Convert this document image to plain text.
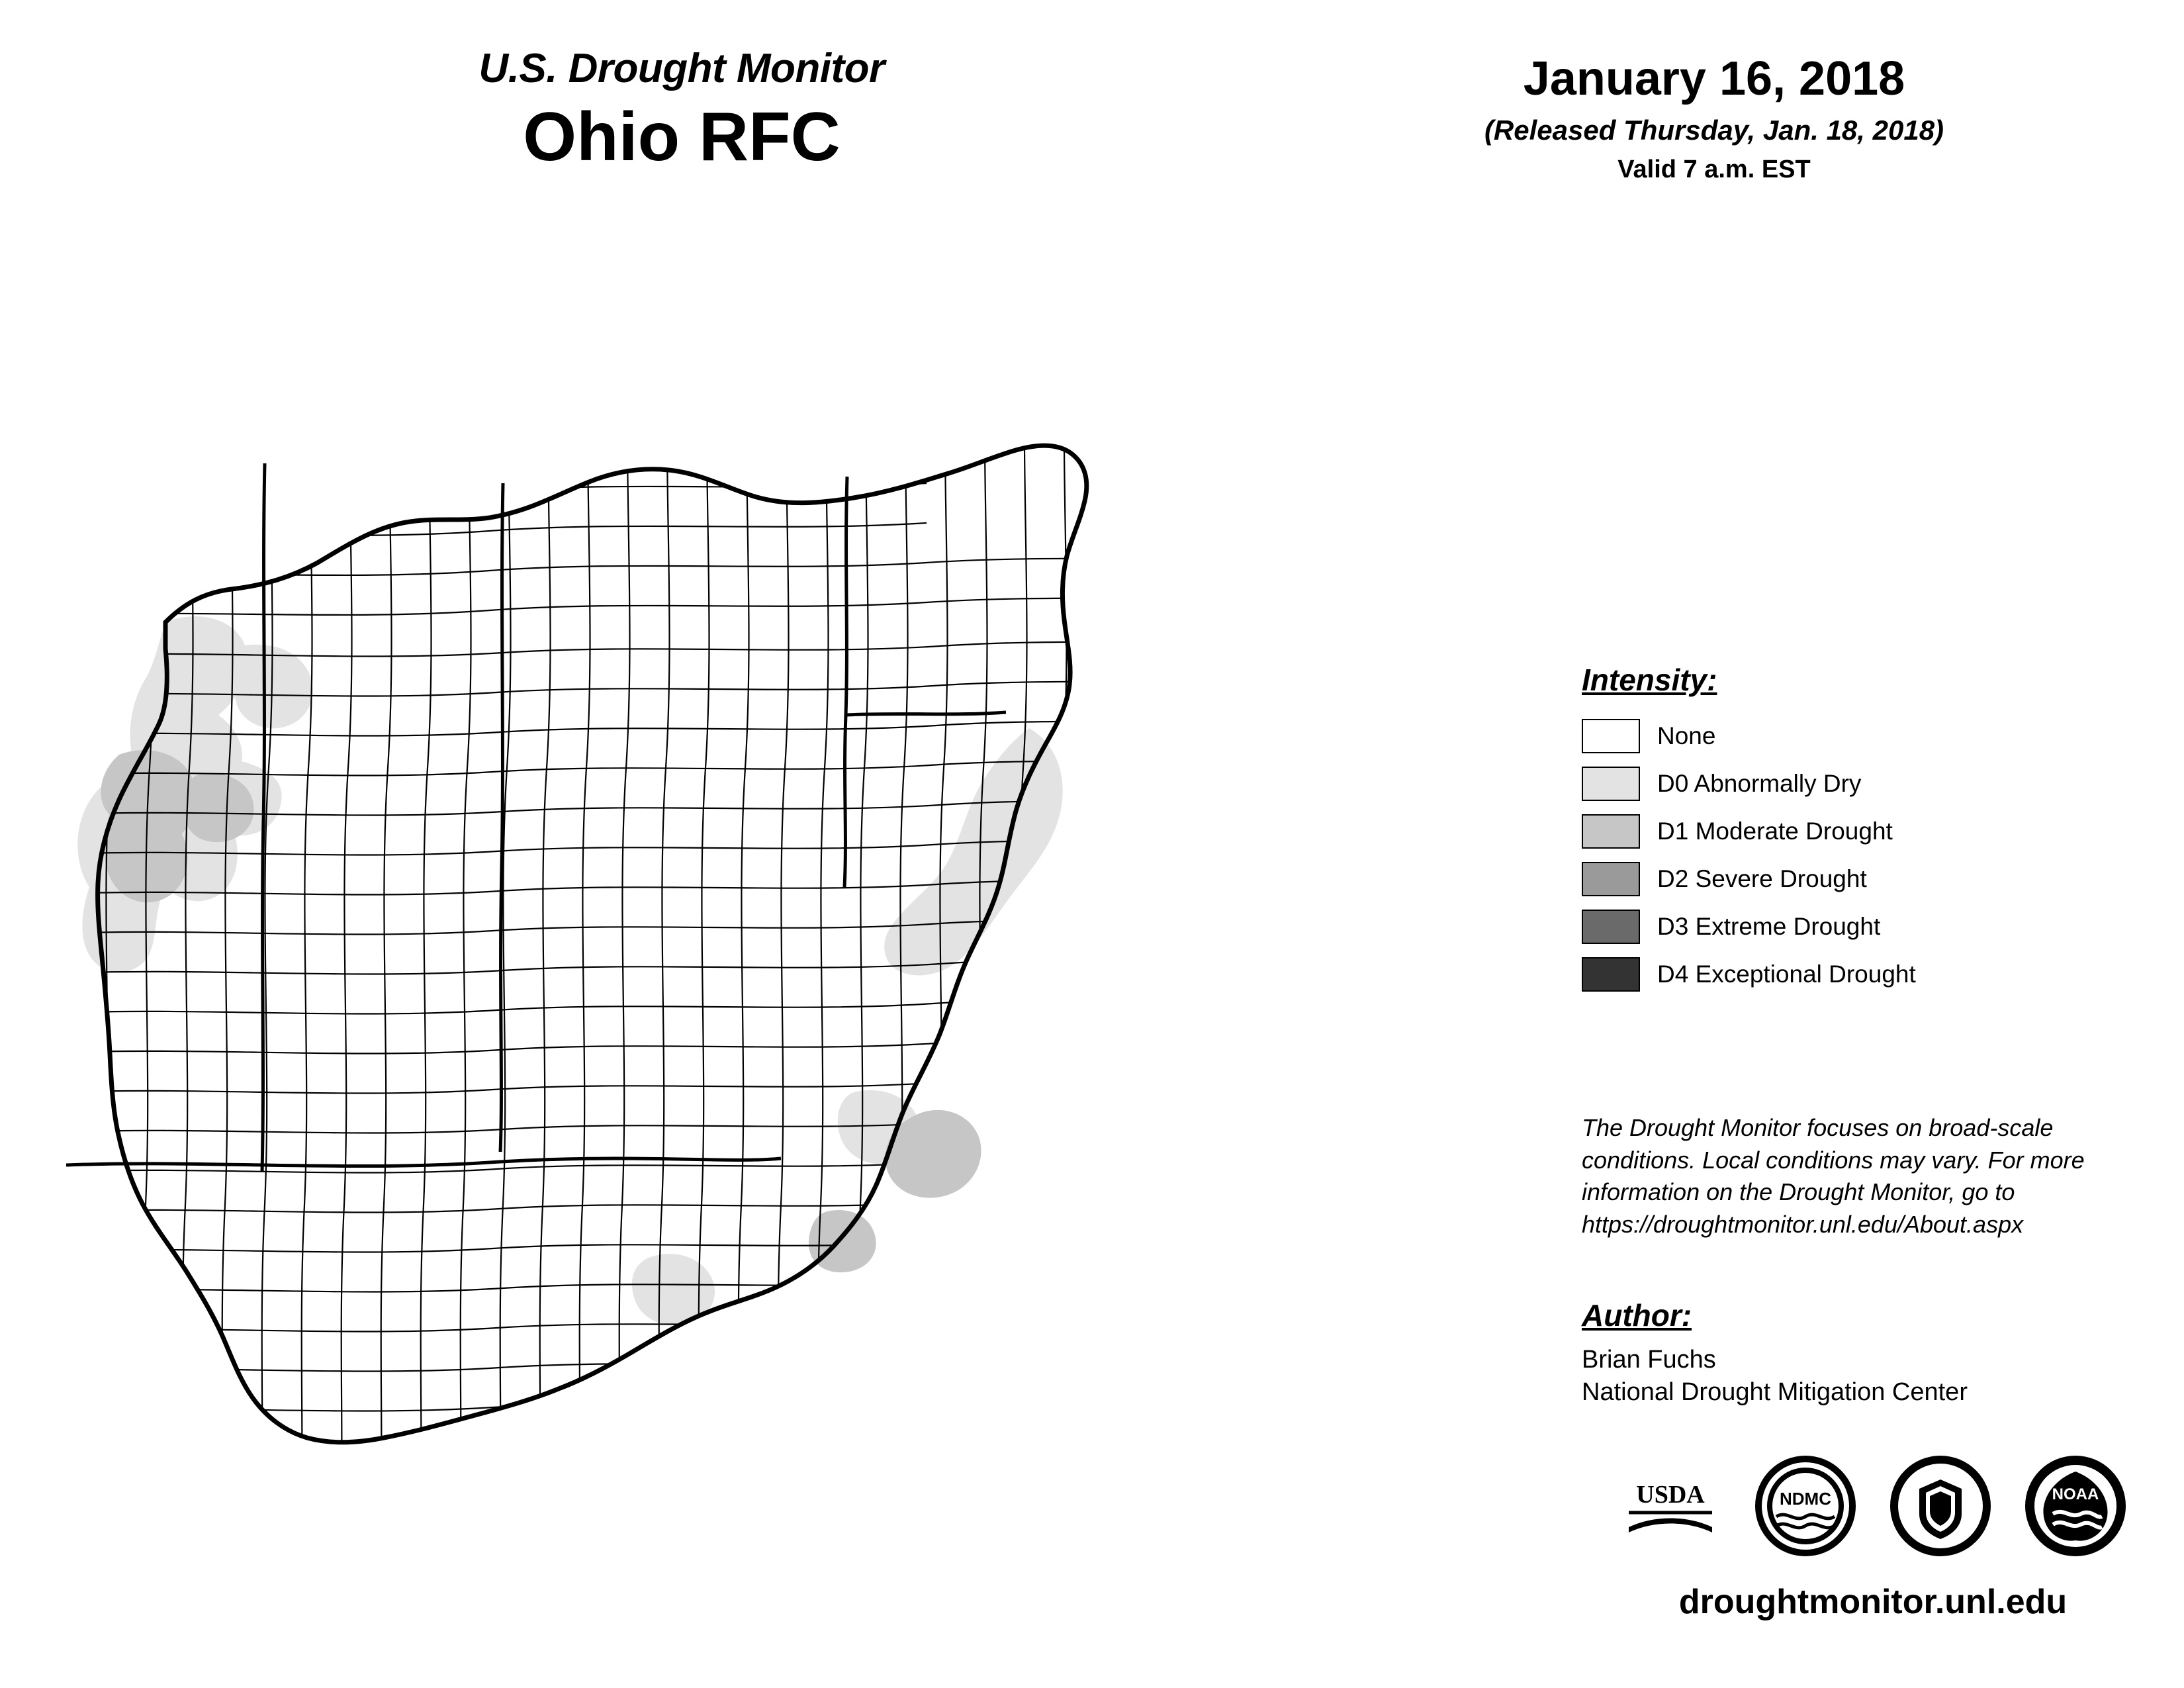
U.S. Drought Monitor
Ohio RFC
January 16, 2018
(Released Thursday, Jan. 18, 2018)
Valid 7 a.m. EST
Intensity:
None
D0 Abnormally Dry
D1 Moderate Drought
D2 Severe Drought
D3 Extreme Drought
D4 Exceptional Drought
The Drought Monitor focuses on broad-scale conditions. Local conditions may vary. For more information on the Drought Monitor, go to https://droughtmonitor.unl.edu/About.aspx
Author:
Brian Fuchs
National Drought Mitigation Center
USDA	NDMC	NOAA
droughtmonitor.unl.edu
